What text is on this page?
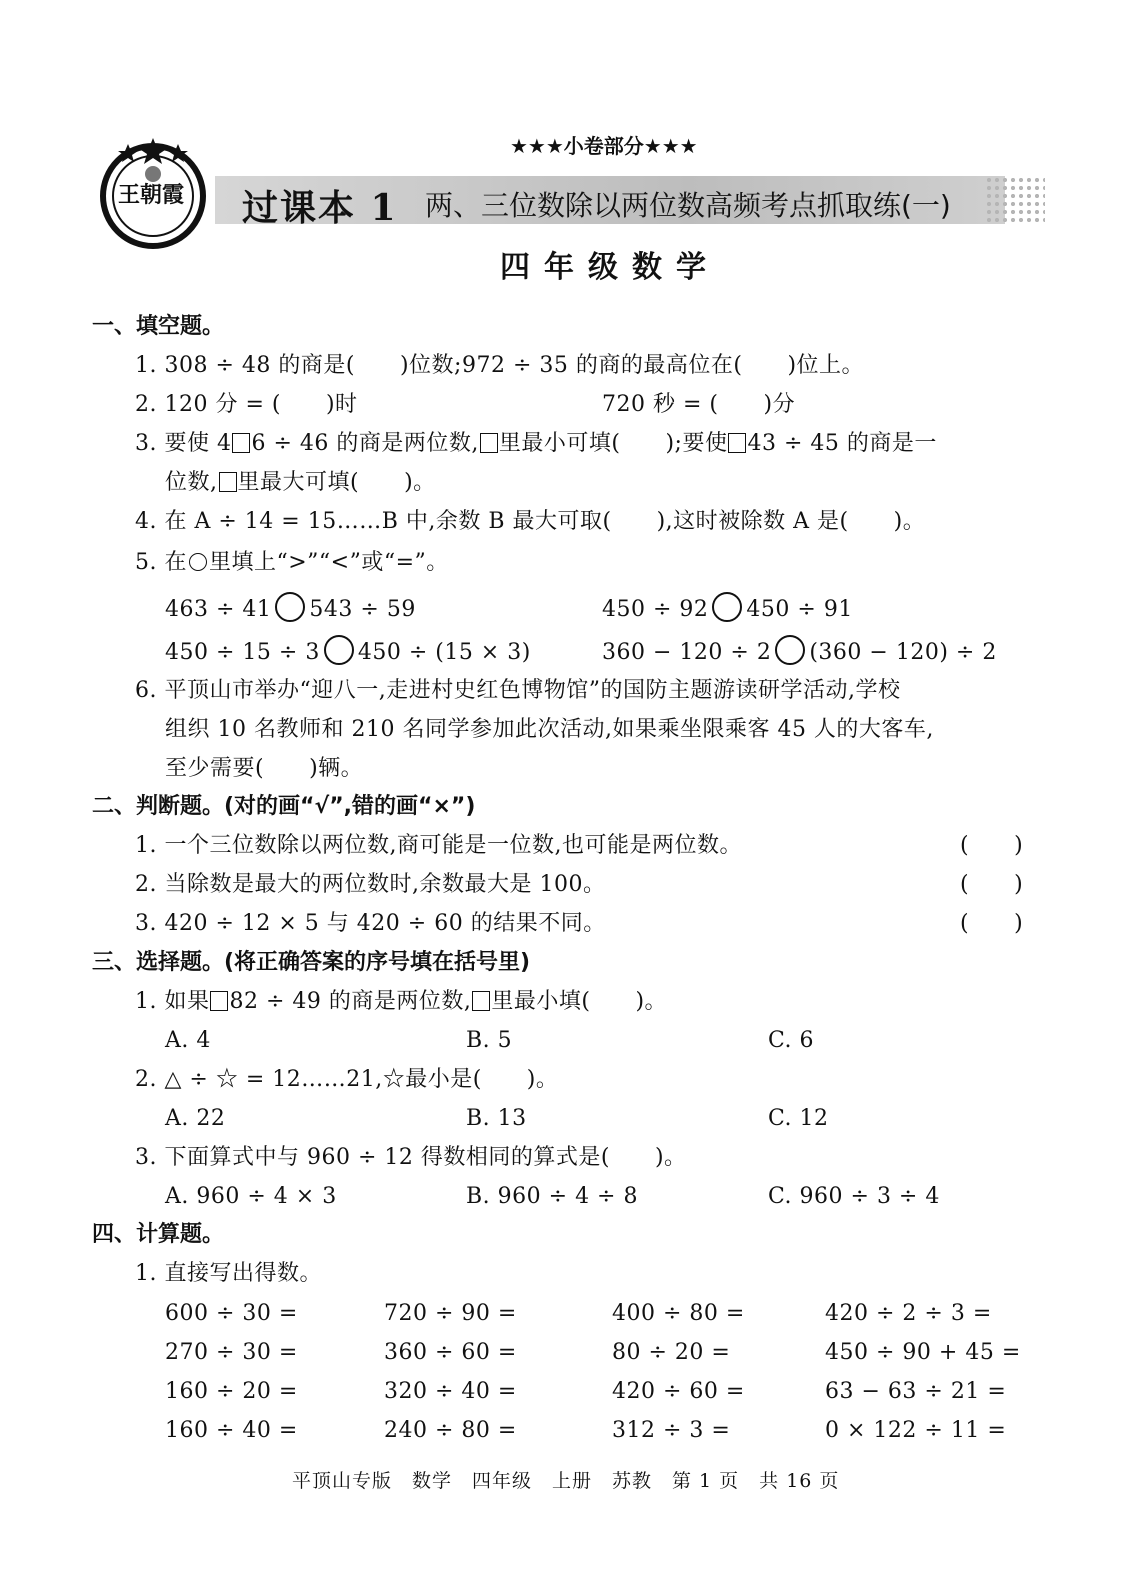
★★★小卷部分★★★
王朝霞 过课本 1 两、三位数除以两位数高频考点抓取练(一)
四年级数学
一、填空题。
1. 308 ÷ 48 的商是(　　)位数;972 ÷ 35 的商的最高位在(　　)位上。
2. 120 分 = (　　)时	720 秒 = (　　)分
3. 要使 4 6 ÷ 46 的商是两位数, 里最小可填(　　);要使 43 ÷ 45 的商是一
位数, 里最大可填(　　)。
4. 在 A ÷ 14 = 15……B 中,余数 B 最大可取(　　),这时被除数 A 是(　　)。
5. 在 里填上“>”“<”或“=”。
463 ÷ 41 543 ÷ 59	450 ÷ 92 450 ÷ 91
450 ÷ 15 ÷ 3 450 ÷ (15 × 3)	360 − 120 ÷ 2 (360 − 120) ÷ 2
6. 平顶山市举办“迎八一,走进村史红色博物馆”的国防主题游读研学活动,学校
组织 10 名教师和 210 名同学参加此次活动,如果乘坐限乘客 45 人的大客车,
至少需要(　　)辆。
二、判断题。(对的画“√”,错的画“×”)
1. 一个三位数除以两位数,商可能是一位数,也可能是两位数。	(　　)
2. 当除数是最大的两位数时,余数最大是 100。	(　　)
3. 420 ÷ 12 × 5 与 420 ÷ 60 的结果不同。	(　　)
三、选择题。(将正确答案的序号填在括号里)
1. 如果 82 ÷ 49 的商是两位数, 里最小填(　　)。
A. 4	B. 5	C. 6
2. △ ÷ ☆ = 12……21,☆最小是(　　)。
A. 22	B. 13	C. 12
3. 下面算式中与 960 ÷ 12 得数相同的算式是(　　)。
A. 960 ÷ 4 × 3	B. 960 ÷ 4 ÷ 8	C. 960 ÷ 3 ÷ 4
四、计算题。
1. 直接写出得数。
600 ÷ 30 =	720 ÷ 90 =	400 ÷ 80 =	420 ÷ 2 ÷ 3 =
270 ÷ 30 =	360 ÷ 60 =	80 ÷ 20 =	450 ÷ 90 + 45 =
160 ÷ 20 =	320 ÷ 40 =	420 ÷ 60 =	63 − 63 ÷ 21 =
160 ÷ 40 =	240 ÷ 80 =	312 ÷ 3 =	0 × 122 ÷ 11 =
平顶山专版　数学　四年级　上册　苏教　第 1 页　共 16 页
